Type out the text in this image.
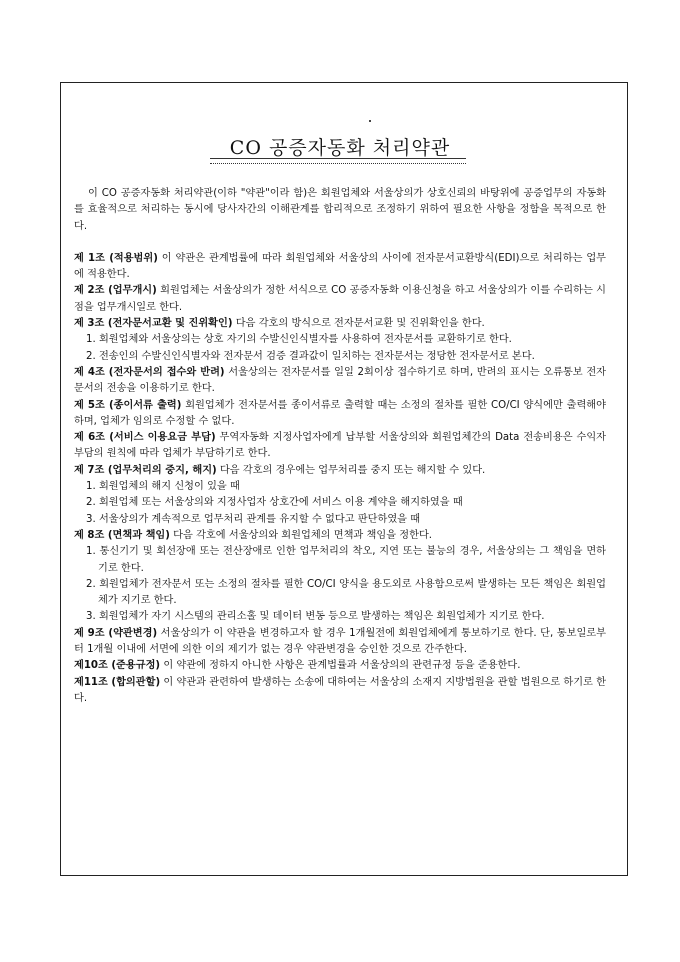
CO 공증자동화 처리약관

이 CO 공증자동화 처리약관(이하 "약관"이라 함)은 회원업체와 서울상의가 상호신뢰의 바탕위에 공증업무의 자동화를 효율적으로 처리하는 동시에 당사자간의 이해관계를 합리적으로 조정하기 위하여 필요한 사항을 정함을 목적으로 한다.

제 1조 (적용범위) 이 약관은 관계법률에 따라 회원업체와 서울상의 사이에 전자문서교환방식(EDI)으로 처리하는 업무에 적용한다.

제 2조 (업무개시) 회원업체는 서울상의가 정한 서식으로 CO 공증자동화 이용신청을 하고 서울상의가 이를 수리하는 시점을 업무개시일로 한다.

제 3조 (전자문서교환 및 진위확인) 다음 각호의 방식으로 전자문서교환 및 진위확인을 한다.

1. 회원업체와 서울상의는 상호 자기의 수발신인식별자를 사용하여 전자문서를 교환하기로 한다.

2. 전송인의 수발신인식별자와 전자문서 검증 결과값이 일치하는 전자문서는 정당한 전자문서로 본다.

제 4조 (전자문서의 접수와 반려) 서울상의는 전자문서를 일일 2회이상 접수하기로 하며, 반려의 표시는 오류통보 전자문서의 전송을 이용하기로 한다.

제 5조 (종이서류 출력) 회원업체가 전자문서를 종이서류로 출력할 때는 소정의 절차를 필한 CO/CI 양식에만 출력해야 하며, 업체가 임의로 수정할 수 없다.

제 6조 (서비스 이용요금 부담) 무역자동화 지정사업자에게 납부할 서울상의와 회원업체간의 Data 전송비용은 수익자부담의 원칙에 따라 업체가 부담하기로 한다.

제 7조 (업무처리의 중지, 해지) 다음 각호의 경우에는 업무처리를 중지 또는 해지할 수 있다.

1. 회원업체의 해지 신청이 있을 때

2. 회원업체 또는 서울상의와 지정사업자 상호간에 서비스 이용 계약을 해지하였을 때

3. 서울상의가 계속적으로 업무처리 관계를 유지할 수 없다고 판단하였을 때

제 8조 (면책과 책임) 다음 각호에 서울상의와 회원업체의 면책과 책임을 정한다.

1. 통신기기 및 회선장애 또는 전산장애로 인한 업무처리의 착오, 지연 또는 불능의 경우, 서울상의는 그 책임을 면하기로 한다.

2. 회원업체가 전자문서 또는 소정의 절차를 필한 CO/CI 양식을 용도외로 사용함으로써 발생하는 모든 책임은 회원업체가 지기로 한다.

3. 회원업체가 자기 시스템의 관리소홀 및 데이터 변동 등으로 발생하는 책임은 회원업체가 지기로 한다.

제 9조 (약관변경) 서울상의가 이 약관을 변경하고자 할 경우 1개월전에 회원업체에게 통보하기로 한다. 단, 통보일로부터 1개월 이내에 서면에 의한 이의 제기가 없는 경우 약관변경을 승인한 것으로 간주한다.

제10조 (준용규정) 이 약관에 정하지 아니한 사항은 관계법률과 서울상의의 관련규정 등을 준용한다.

제11조 (합의관할) 이 약관과 관련하여 발생하는 소송에 대하여는 서울상의 소재지 지방법원을 관할 법원으로 하기로 한다.
